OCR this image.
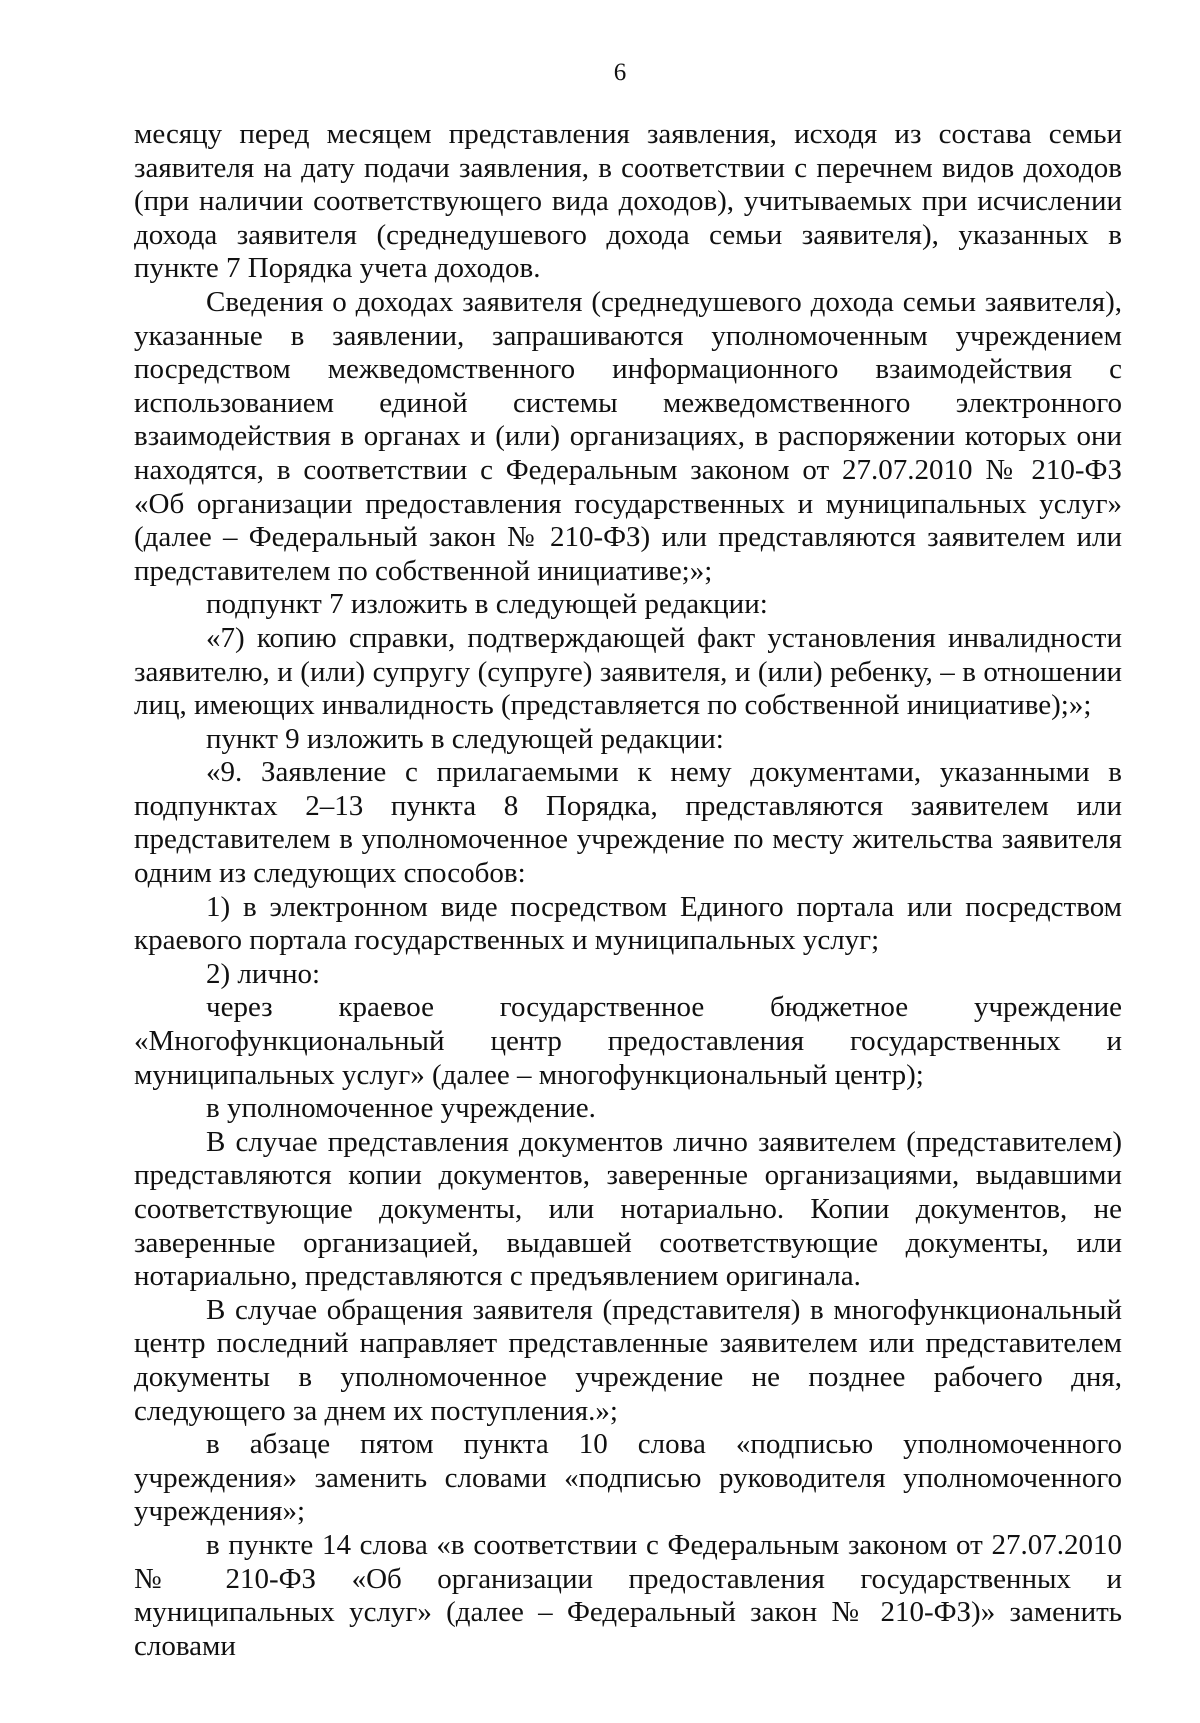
6

месяцу перед месяцем представления заявления, исходя из состава семьи заявителя на дату подачи заявления, в соответствии с перечнем видов доходов (при наличии соответствующего вида доходов), учитываемых при исчислении дохода заявителя (среднедушевого дохода семьи заявителя), указанных в пункте 7 Порядка учета доходов.

Сведения о доходах заявителя (среднедушевого дохода семьи заявителя), указанные в заявлении, запрашиваются уполномоченным учреждением посредством межведомственного информационного взаимодействия с использованием единой системы межведомственного электронного взаимодействия в органах и (или) организациях, в распоряжении которых они находятся, в соответствии с Федеральным законом от 27.07.2010 № 210-ФЗ «Об организации предоставления государственных и муниципальных услуг» (далее – Федеральный закон № 210-ФЗ) или представляются заявителем или представителем по собственной инициативе;»;

подпункт 7 изложить в следующей редакции:

«7) копию справки, подтверждающей факт установления инвалидности заявителю, и (или) супругу (супруге) заявителя, и (или) ребенку, – в отношении лиц, имеющих инвалидность (представляется по собственной инициативе);»;

пункт 9 изложить в следующей редакции:

«9. Заявление с прилагаемыми к нему документами, указанными в подпунктах 2–13 пункта 8 Порядка, представляются заявителем или представителем в уполномоченное учреждение по месту жительства заявителя одним из следующих способов:

1) в электронном виде посредством Единого портала или посредством краевого портала государственных и муниципальных услуг;

2) лично:

через краевое государственное бюджетное учреждение «Многофункциональный центр предоставления государственных и муниципальных услуг» (далее – многофункциональный центр);

в уполномоченное учреждение.

В случае представления документов лично заявителем (представителем) представляются копии документов, заверенные организациями, выдавшими соответствующие документы, или нотариально. Копии документов, не заверенные организацией, выдавшей соответствующие документы, или нотариально, представляются с предъявлением оригинала.

В случае обращения заявителя (представителя) в многофункциональный центр последний направляет представленные заявителем или представителем документы в уполномоченное учреждение не позднее рабочего дня, следующего за днем их поступления.»;

в абзаце пятом пункта 10 слова «подписью уполномоченного учреждения» заменить словами «подписью руководителя уполномоченного учреждения»;

в пункте 14 слова «в соответствии с Федеральным законом от 27.07.2010 № 210-ФЗ «Об организации предоставления государственных и муниципальных услуг» (далее – Федеральный закон № 210-ФЗ)» заменить словами
